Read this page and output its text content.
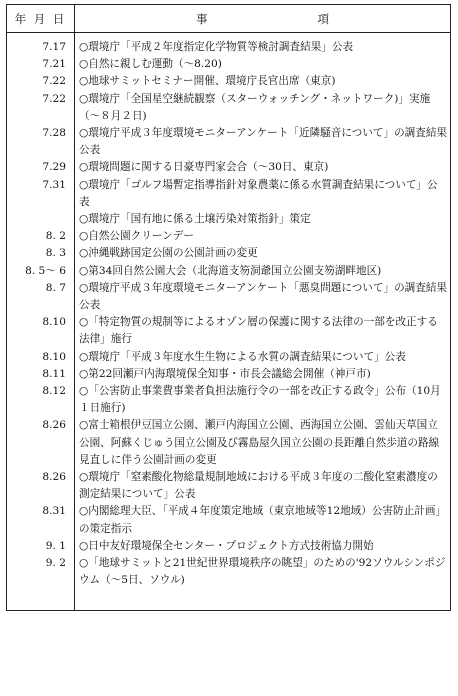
年 月 日	事 項

7.17	○環境庁「平成２年度指定化学物質等検討調査結果」公表
7.21	○自然に親しむ運動（～8.20)
7.22	○地球サミットセミナー開催、環境庁長官出席（東京)
7.22	○環境庁「全国星空継続観察（スターウォッチング・ネットワーク)」実施（～８月２日)
7.28	○環境庁平成３年度環境モニターアンケート「近隣騒音について」の調査結果公表
7.29	○環境問題に関する日豪専門家会合（～30日、東京)
7.31	○環境庁「ゴルフ場暫定指導指針対象農薬に係る水質調査結果について」公表
	○環境庁「国有地に係る土壌汚染対策指針」策定
8. 2	○自然公園クリーンデー
8. 3	○沖縄戦跡国定公園の公園計画の変更
8. 5～ 6	○第34回自然公園大会（北海道支笏洞爺国立公園支笏湖畔地区)
8. 7	○環境庁平成３年度環境モニターアンケート「悪臭問題について」の調査結果公表
8.10	○「特定物質の規制等によるオゾン層の保護に関する法律の一部を改正する法律」施行
8.10	○環境庁「平成３年度水生生物による水質の調査結果について」公表
8.11	○第22回瀬戸内海環境保全知事・市長会議総会開催（神戸市)
8.12	○「公害防止事業費事業者負担法施行令の一部を改正する政令」公布（10月１日施行)
8.26	○富士箱根伊豆国立公園、瀬戸内海国立公園、西海国立公園、雲仙天草国立公園、阿蘇くじゅう国立公園及び霧島屋久国立公園の長距離自然歩道の路線見直しに伴う公園計画の変更
8.26	○環境庁「窒素酸化物総量規制地域における平成３年度の二酸化窒素濃度の測定結果について」公表
8.31	○内閣総理大臣、「平成４年度策定地域（東京地域等12地域）公害防止計画」の策定指示
9. 1	○日中友好環境保全センター・プロジェクト方式技術協力開始
9. 2	○「地球サミットと21世紀世界環境秩序の眺望」のための'92ソウルシンポジウム（～5日、ソウル)
